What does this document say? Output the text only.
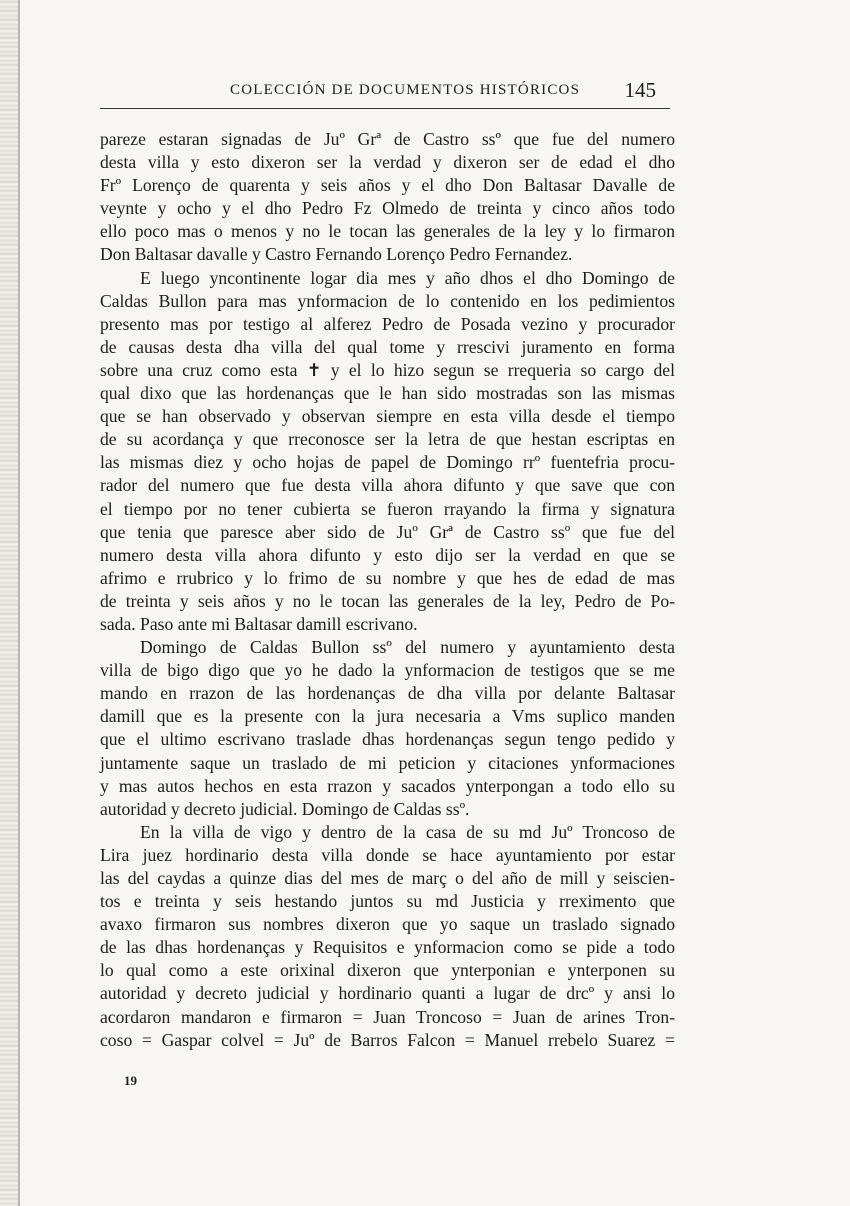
COLECCIÓN DE DOCUMENTOS HISTÓRICOS 145
pareze estaran signadas de Juº Grª de Castro ssº que fue del numero
desta villa y esto dixeron ser la verdad y dixeron ser de edad el dho
Frº Lorenço de quarenta y seis años y el dho Don Baltasar Davalle de
veynte y ocho y el dho Pedro Fz Olmedo de treinta y cinco años todo
ello poco mas o menos y no le tocan las generales de la ley y lo firmaron
Don Baltasar davalle y Castro Fernando Lorenço Pedro Fernandez.
E luego yncontinente logar dia mes y año dhos el dho Domingo de
Caldas Bullon para mas ynformacion de lo contenido en los pedimientos
presento mas por testigo al alferez Pedro de Posada vezino y procurador
de causas desta dha villa del qual tome y rrescivi juramento en forma
sobre una cruz como esta ✝ y el lo hizo segun se rrequeria so cargo del
qual dixo que las hordenanças que le han sido mostradas son las mismas
que se han observado y observan siempre en esta villa desde el tiempo
de su acordança y que rreconosce ser la letra de que hestan escriptas en
las mismas diez y ocho hojas de papel de Domingo rrº fuentefria procu-
rador del numero que fue desta villa ahora difunto y que save que con
el tiempo por no tener cubierta se fueron rrayando la firma y signatura
que tenia que paresce aber sido de Juº Grª de Castro ssº que fue del
numero desta villa ahora difunto y esto dijo ser la verdad en que se
afrimo e rrubrico y lo frimo de su nombre y que hes de edad de mas
de treinta y seis años y no le tocan las generales de la ley, Pedro de Po-
sada. Paso ante mi Baltasar damill escrivano.
Domingo de Caldas Bullon ssº del numero y ayuntamiento desta
villa de bigo digo que yo he dado la ynformacion de testigos que se me
mando en rrazon de las hordenanças de dha villa por delante Baltasar
damill que es la presente con la jura necesaria a Vms suplico manden
que el ultimo escrivano traslade dhas hordenanças segun tengo pedido y
juntamente saque un traslado de mi peticion y citaciones ynformaciones
y mas autos hechos en esta rrazon y sacados ynterpongan a todo ello su
autoridad y decreto judicial. Domingo de Caldas ssº.
En la villa de vigo y dentro de la casa de su md Juº Troncoso de
Lira juez hordinario desta villa donde se hace ayuntamiento por estar
las del caydas a quinze dias del mes de març o del año de mill y seiscien-
tos e treinta y seis hestando juntos su md Justicia y rreximento que
avaxo firmaron sus nombres dixeron que yo saque un traslado signado
de las dhas hordenanças y Requisitos e ynformacion como se pide a todo
lo qual como a este orixinal dixeron que ynterponian e ynterponen su
autoridad y decreto judicial y hordinario quanti a lugar de drcº y ansi lo
acordaron mandaron e firmaron = Juan Troncoso = Juan de arines Tron-
coso = Gaspar colvel = Juº de Barros Falcon = Manuel rrebelo Suarez =
19
